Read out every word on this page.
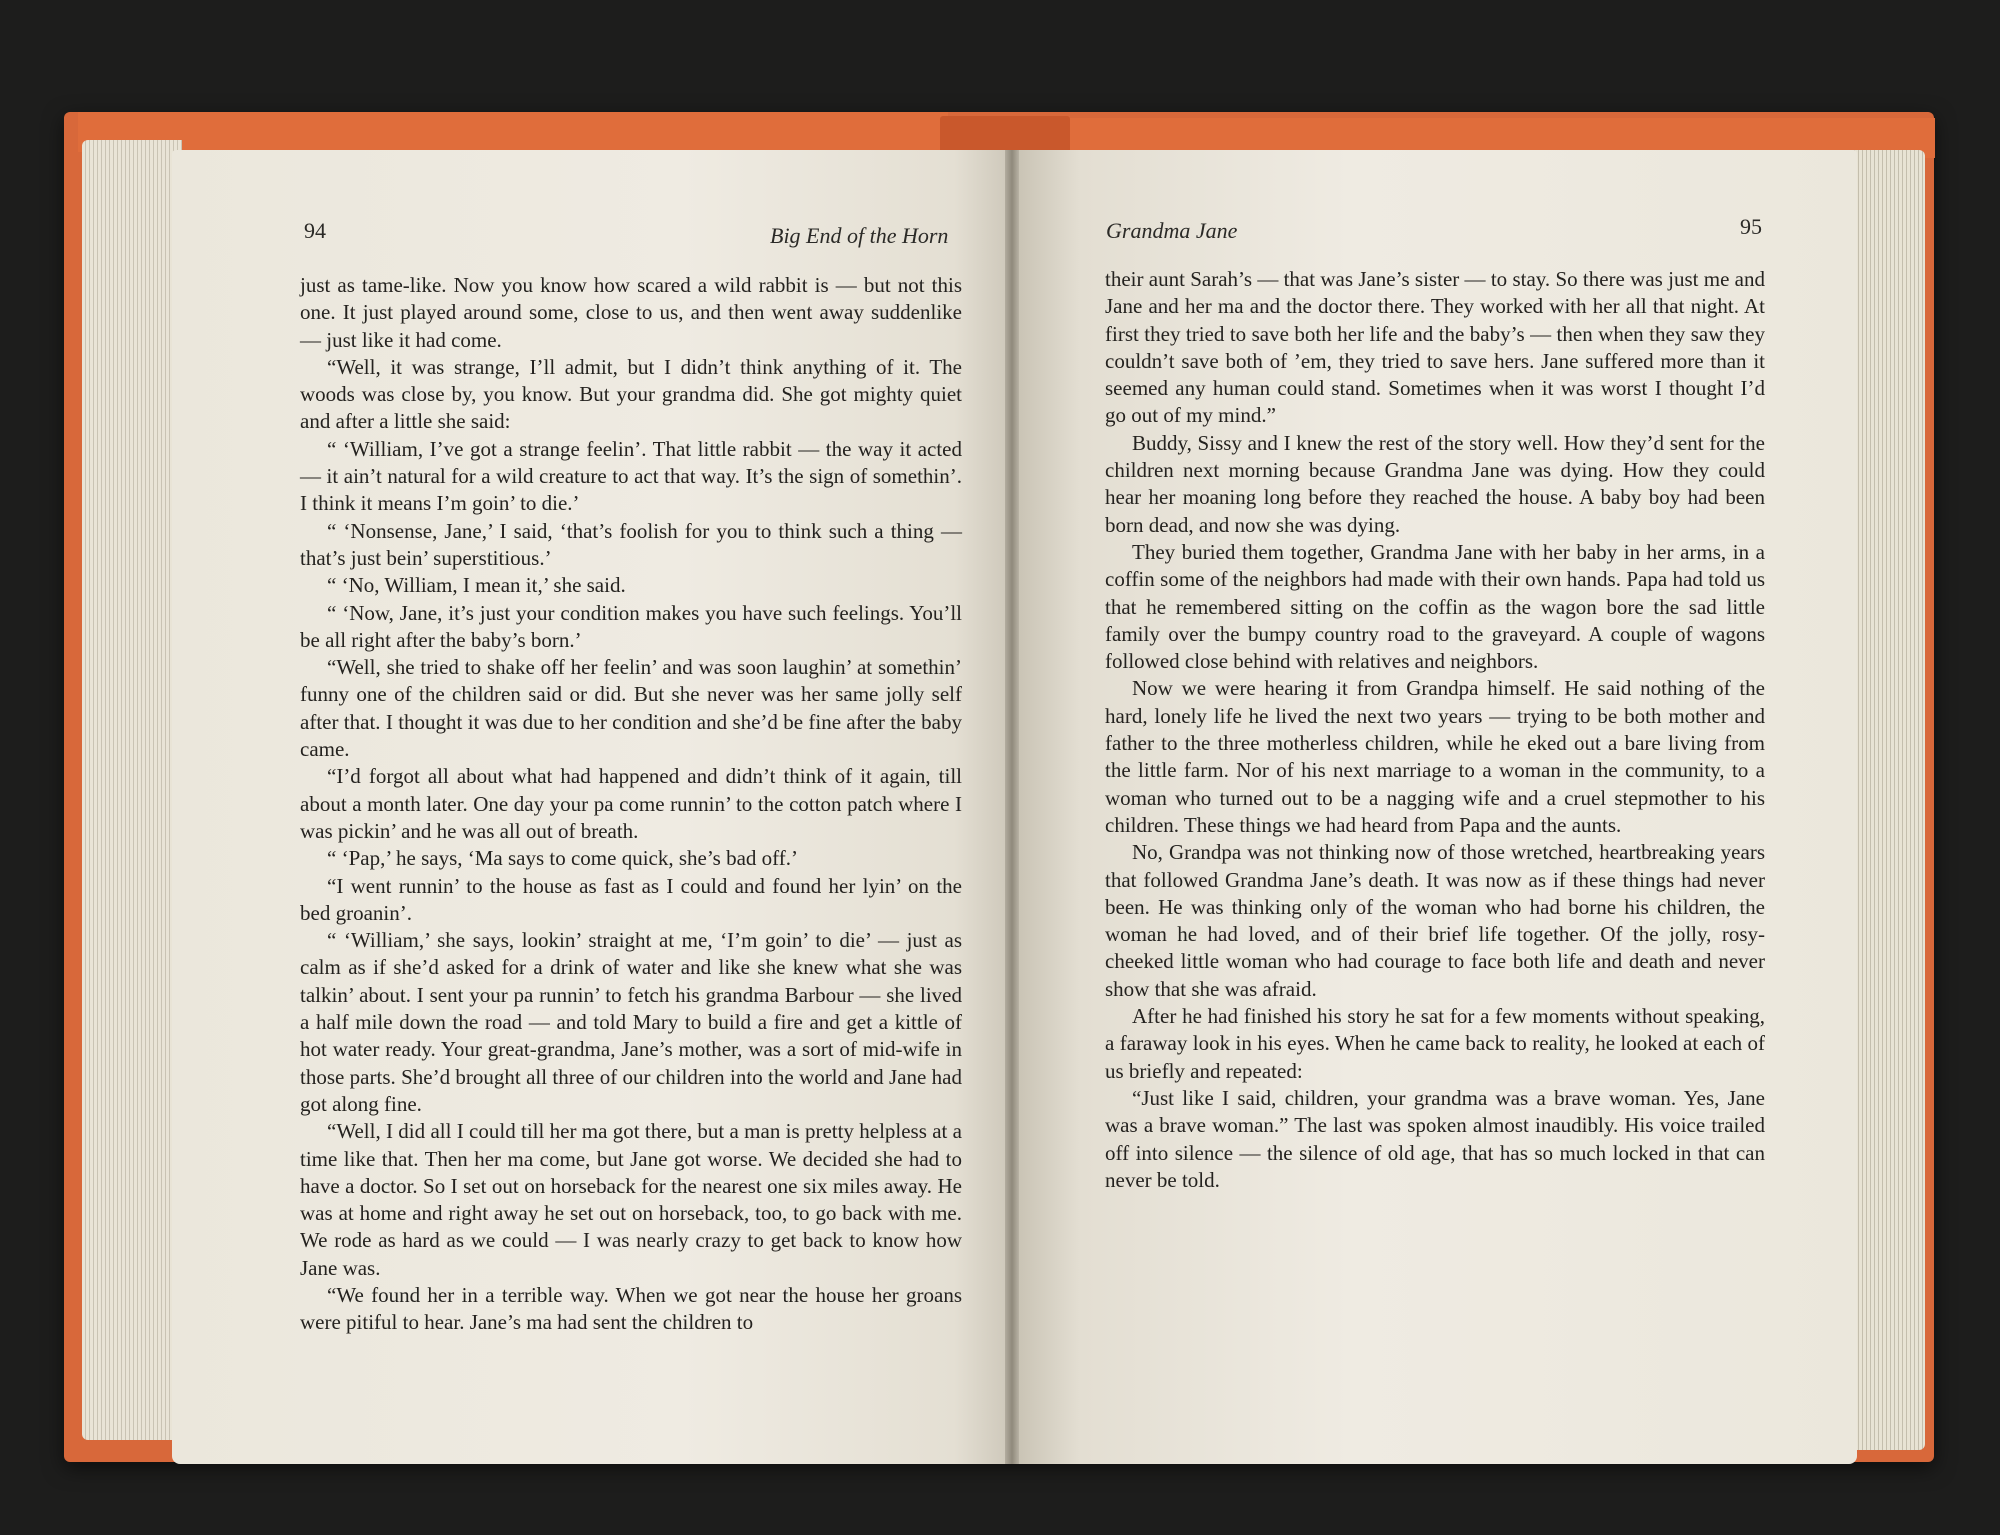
94	Big End of the Horn	Grandma Jane	95

just as tame-like. Now you know how scared a wild rabbit is — but not this one. It just played around some, close to us, and then went away suddenlike — just like it had come.

“Well, it was strange, I’ll admit, but I didn’t think anything of it. The woods was close by, you know. But your grandma did. She got mighty quiet and after a little she said:

“ ‘William, I’ve got a strange feelin’. That little rabbit — the way it acted — it ain’t natural for a wild creature to act that way. It’s the sign of somethin’. I think it means I’m goin’ to die.’

“ ‘Nonsense, Jane,’ I said, ‘that’s foolish for you to think such a thing — that’s just bein’ superstitious.’

“ ‘No, William, I mean it,’ she said.

“ ‘Now, Jane, it’s just your condition makes you have such feelings. You’ll be all right after the baby’s born.’

“Well, she tried to shake off her feelin’ and was soon laughin’ at somethin’ funny one of the children said or did. But she never was her same jolly self after that. I thought it was due to her condition and she’d be fine after the baby came.

“I’d forgot all about what had happened and didn’t think of it again, till about a month later. One day your pa come runnin’ to the cotton patch where I was pickin’ and he was all out of breath.

“ ‘Pap,’ he says, ‘Ma says to come quick, she’s bad off.’

“I went runnin’ to the house as fast as I could and found her lyin’ on the bed groanin’.

“ ‘William,’ she says, lookin’ straight at me, ‘I’m goin’ to die’ — just as calm as if she’d asked for a drink of water and like she knew what she was talkin’ about. I sent your pa runnin’ to fetch his grandma Barbour — she lived a half mile down the road — and told Mary to build a fire and get a kittle of hot water ready. Your great-grandma, Jane’s mother, was a sort of mid-wife in those parts. She’d brought all three of our children into the world and Jane had got along fine.

“Well, I did all I could till her ma got there, but a man is pretty helpless at a time like that. Then her ma come, but Jane got worse. We decided she had to have a doctor. So I set out on horseback for the nearest one six miles away. He was at home and right away he set out on horseback, too, to go back with me. We rode as hard as we could — I was nearly crazy to get back to know how Jane was.

“We found her in a terrible way. When we got near the house her groans were pitiful to hear. Jane’s ma had sent the children to

their aunt Sarah’s — that was Jane’s sister — to stay. So there was just me and Jane and her ma and the doctor there. They worked with her all that night. At first they tried to save both her life and the baby’s — then when they saw they couldn’t save both of ’em, they tried to save hers. Jane suffered more than it seemed any human could stand. Sometimes when it was worst I thought I’d go out of my mind.”

Buddy, Sissy and I knew the rest of the story well. How they’d sent for the children next morning because Grandma Jane was dying. How they could hear her moaning long before they reached the house. A baby boy had been born dead, and now she was dying.

They buried them together, Grandma Jane with her baby in her arms, in a coffin some of the neighbors had made with their own hands. Papa had told us that he remembered sitting on the coffin as the wagon bore the sad little family over the bumpy country road to the graveyard. A couple of wagons followed close behind with relatives and neighbors.

Now we were hearing it from Grandpa himself. He said nothing of the hard, lonely life he lived the next two years — trying to be both mother and father to the three motherless children, while he eked out a bare living from the little farm. Nor of his next marriage to a woman in the community, to a woman who turned out to be a nagging wife and a cruel stepmother to his children. These things we had heard from Papa and the aunts.

No, Grandpa was not thinking now of those wretched, heartbreaking years that followed Grandma Jane’s death. It was now as if these things had never been. He was thinking only of the woman who had borne his children, the woman he had loved, and of their brief life together. Of the jolly, rosy-cheeked little woman who had courage to face both life and death and never show that she was afraid.

After he had finished his story he sat for a few moments without speaking, a faraway look in his eyes. When he came back to reality, he looked at each of us briefly and repeated:

“Just like I said, children, your grandma was a brave woman. Yes, Jane was a brave woman.” The last was spoken almost inaudibly. His voice trailed off into silence — the silence of old age, that has so much locked in that can never be told.
